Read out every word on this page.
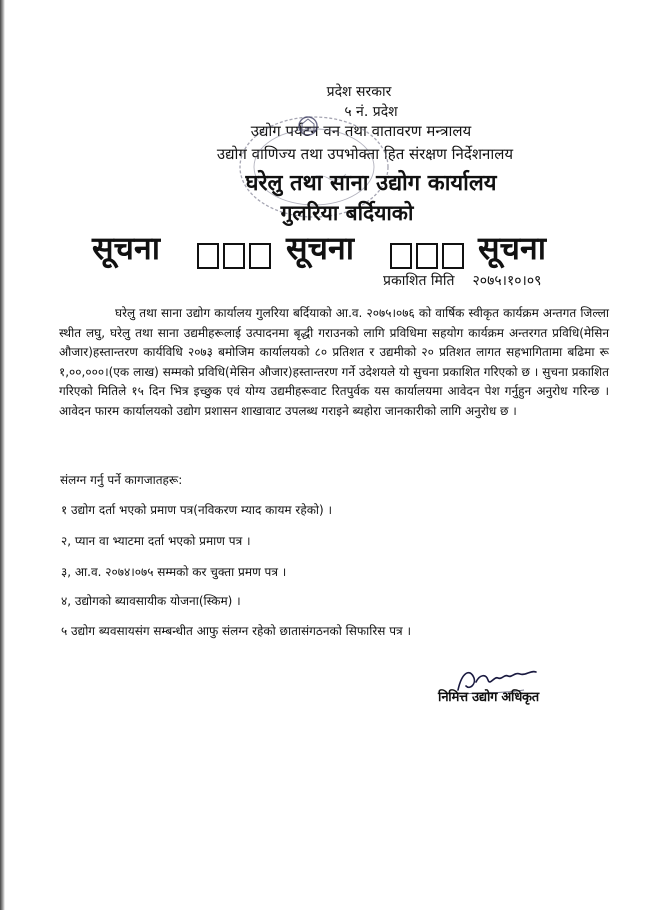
प्रदेश सरकार
५ नं. प्रदेश
उद्योग पर्यटन वन तथा वातावरण मन्त्रालय
उद्योग वाणिज्य तथा उपभोक्ता हित संरक्षण निर्देशनालय
घरेलु तथा साना उद्योग कार्यालय
गुलरिया बर्दियाको
सूचना	सूचना	सूचना
प्रकाशित मिति २०७५।१०।०९
घरेलु तथा साना उद्योग कार्यालय गुलरिया बर्दियाको आ.व. २०७५।०७६ को वार्षिक स्वीकृत कार्यक्रम अन्तगत जिल्ला स्थीत लघु, घरेलु तथा साना उद्यमीहरूलाई उत्पादनमा बृद्धी गराउनको लागि प्रविधिमा सहयोग कार्यक्रम अन्तरगत प्रविधि(मेसिन औजार)हस्तान्तरण कार्यविधि २०७३ बमोजिम कार्यालयको ८० प्रतिशत र उद्यमीको २० प्रतिशत लागत सहभागितामा बढिमा रू १,००,०००।(एक लाख) सम्मको प्रविधि(मेसिन औजार)हस्तान्तरण गर्ने उदेशयले यो सुचना प्रकाशित गरिएको छ । सुचना प्रकाशित गरिएको मितिले १५ दिन भित्र इच्छुक एवं योग्य उद्यमीहरूवाट रितपुर्वक यस कार्यालयमा आवेदन पेश गर्नुहुन अनुरोध गरिन्छ । आवेदन फारम कार्यालयको उद्योग प्रशासन शाखावाट उपलब्ध गराइने ब्यहोरा जानकारीको लागि अनुरोध छ ।
संलग्न गर्नु पर्ने कागजातहरू:
१ उद्योग दर्ता भएको प्रमाण पत्र(नविकरण म्याद कायम रहेको) ।
२, प्यान वा भ्याटमा दर्ता भएको प्रमाण पत्र ।
३, आ.व. २०७४।०७५ सम्मको कर चुक्ता प्रमण पत्र ।
४, उद्योगको ब्यावसायीक योजना(स्किम) ।
५ उद्योग ब्यवसायसंग सम्बन्धीत आफु संलग्न रहेको छातासंगठनको सिफारिस पत्र ।
निमित्त उद्योग अधिकृत
